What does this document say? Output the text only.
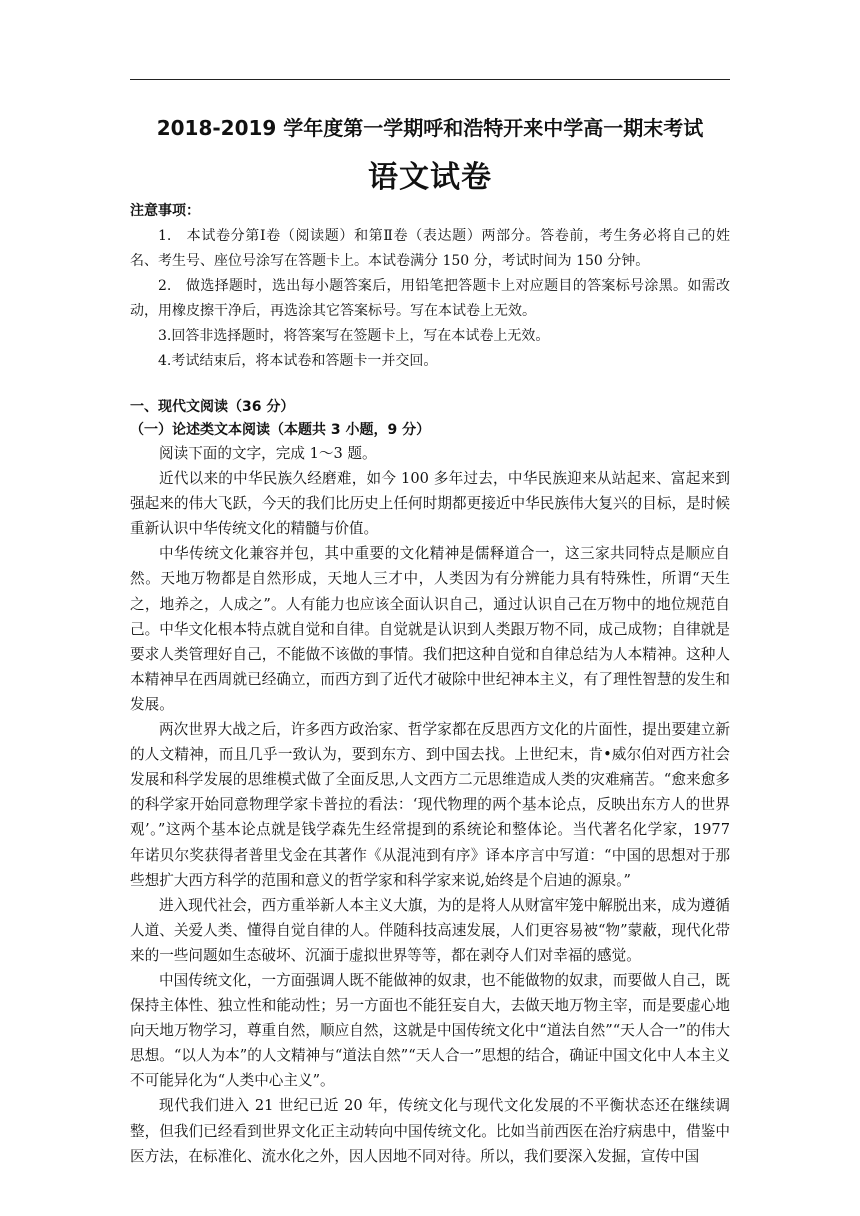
2018-2019 学年度第一学期呼和浩特开来中学高一期末考试
语文试卷
注意事项：

1.　本试卷分第Ⅰ卷（阅读题）和第Ⅱ卷（表达题）两部分。答卷前，考生务必将自己的姓名、考生号、座位号涂写在答题卡上。本试卷满分 150 分，考试时间为 150 分钟。

2.　做选择题时，选出每小题答案后，用铅笔把答题卡上对应题目的答案标号涂黑。如需改动，用橡皮擦干净后，再选涂其它答案标号。写在本试卷上无效。

3.回答非选择题时，将答案写在签题卡上，写在本试卷上无效。

4.考试结束后，将本试卷和答题卡一并交回。

一、现代文阅读（36 分）
（一）论述类文本阅读（本题共 3 小题，9 分）

阅读下面的文字，完成 1～3 题。

近代以来的中华民族久经磨难，如今 100 多年过去，中华民族迎来从站起来、富起来到强起来的伟大飞跃，今天的我们比历史上任何时期都更接近中华民族伟大复兴的目标，是时候重新认识中华传统文化的精髓与价值。

中华传统文化兼容并包，其中重要的文化精神是儒释道合一，这三家共同特点是顺应自然。天地万物都是自然形成，天地人三才中，人类因为有分辨能力具有特殊性，所谓“天生之，地养之，人成之”。人有能力也应该全面认识自己，通过认识自己在万物中的地位规范自己。中华文化根本特点就自觉和自律。自觉就是认识到人类跟万物不同，成己成物；自律就是要求人类管理好自己，不能做不该做的事情。我们把这种自觉和自律总结为人本精神。这种人本精神早在西周就已经确立，而西方到了近代才破除中世纪神本主义，有了理性智慧的发生和发展。

两次世界大战之后，许多西方政治家、哲学家都在反思西方文化的片面性，提出要建立新的人文精神，而且几乎一致认为，要到东方、到中国去找。上世纪末，肯•威尔伯对西方社会发展和科学发展的思维模式做了全面反思,人文西方二元思维造成人类的灾难痛苦。“愈来愈多的科学家开始同意物理学家卡普拉的看法：‘现代物理的两个基本论点，反映出东方人的世界观’。”这两个基本论点就是钱学森先生经常提到的系统论和整体论。当代著名化学家，1977 年诺贝尔奖获得者普里戈金在其著作《从混沌到有序》译本序言中写道：“中国的思想对于那些想扩大西方科学的范围和意义的哲学家和科学家来说,始终是个启迪的源泉。”

进入现代社会，西方重举新人本主义大旗，为的是将人从财富牢笼中解脱出来，成为遵循人道、关爱人类、懂得自觉自律的人。伴随科技高速发展，人们更容易被“物”蒙蔽，现代化带来的一些问题如生态破坏、沉湎于虚拟世界等等，都在剥夺人们对幸福的感觉。

中国传统文化，一方面强调人既不能做神的奴隶，也不能做物的奴隶，而要做人自己，既保持主体性、独立性和能动性；另一方面也不能狂妄自大，去做天地万物主宰，而是要虚心地向天地万物学习，尊重自然，顺应自然，这就是中国传统文化中“道法自然”“天人合一”的伟大思想。“以人为本”的人文精神与“道法自然”“天人合一”思想的结合，确证中国文化中人本主义不可能异化为“人类中心主义”。

现代我们进入 21 世纪已近 20 年，传统文化与现代文化发展的不平衡状态还在继续调整，但我们已经看到世界文化正主动转向中国传统文化。比如当前西医在治疗病患中，借鉴中医方法，在标准化、流水化之外，因人因地不同对待。所以，我们要深入发掘，宣传中国
